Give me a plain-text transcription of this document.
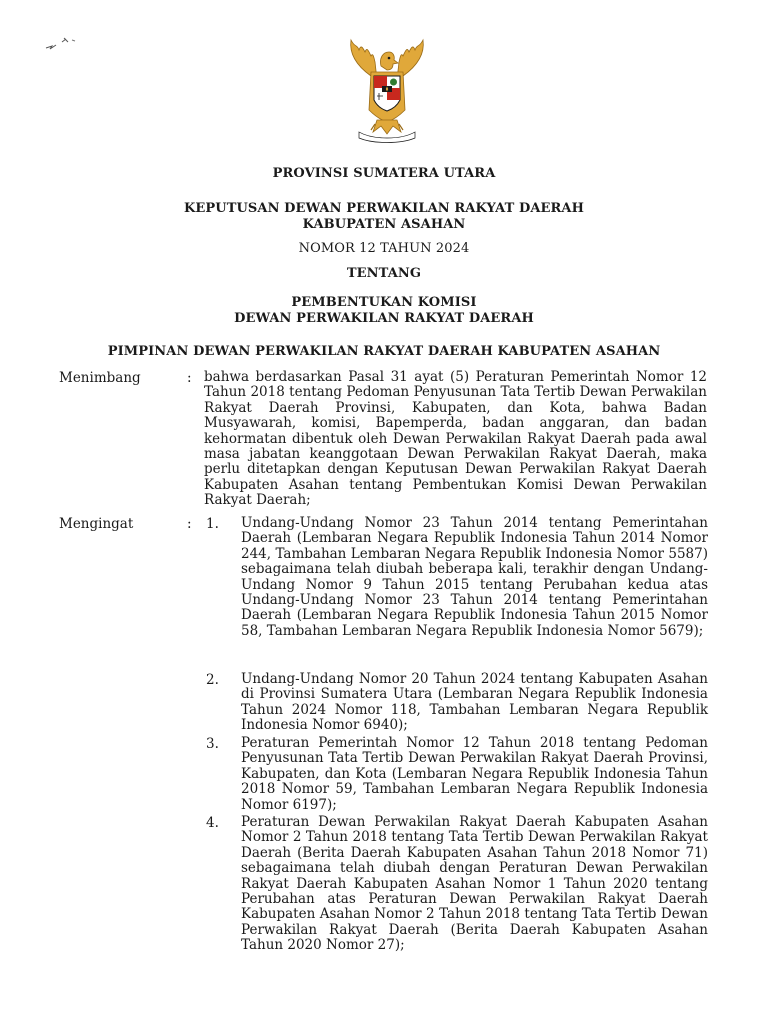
PROVINSI SUMATERA UTARA
KEPUTUSAN DEWAN PERWAKILAN RAKYAT DAERAH
KABUPATEN ASAHAN
NOMOR 12 TAHUN 2024
TENTANG
PEMBENTUKAN KOMISI
DEWAN PERWAKILAN RAKYAT DAERAH
PIMPINAN DEWAN PERWAKILAN RAKYAT DAERAH KABUPATEN ASAHAN
Menimbang	: bahwa berdasarkan Pasal 31 ayat (5) Peraturan Pemerintah Nomor 12 Tahun 2018 tentang Pedoman Penyusunan Tata Tertib Dewan Perwakilan Rakyat Daerah Provinsi, Kabupaten, dan Kota, bahwa Badan Musyawarah, komisi, Bapemperda, badan anggaran, dan badan kehormatan dibentuk oleh Dewan Perwakilan Rakyat Daerah pada awal masa jabatan keanggotaan Dewan Perwakilan Rakyat Daerah, maka perlu ditetapkan dengan Keputusan Dewan Perwakilan Rakyat Daerah Kabupaten Asahan tentang Pembentukan Komisi Dewan Perwakilan Rakyat Daerah;
Mengingat	: 1. Undang-Undang Nomor 23 Tahun 2014 tentang Pemerintahan Daerah (Lembaran Negara Republik Indonesia Tahun 2014 Nomor 244, Tambahan Lembaran Negara Republik Indonesia Nomor 5587) sebagaimana telah diubah beberapa kali, terakhir dengan Undang-Undang Nomor 9 Tahun 2015 tentang Perubahan kedua atas Undang-Undang Nomor 23 Tahun 2014 tentang Pemerintahan Daerah (Lembaran Negara Republik Indonesia Tahun 2015 Nomor 58, Tambahan Lembaran Negara Republik Indonesia Nomor 5679);
2. Undang-Undang Nomor 20 Tahun 2024 tentang Kabupaten Asahan di Provinsi Sumatera Utara (Lembaran Negara Republik Indonesia Tahun 2024 Nomor 118, Tambahan Lembaran Negara Republik Indonesia Nomor 6940);
3. Peraturan Pemerintah Nomor 12 Tahun 2018 tentang Pedoman Penyusunan Tata Tertib Dewan Perwakilan Rakyat Daerah Provinsi, Kabupaten, dan Kota (Lembaran Negara Republik Indonesia Tahun 2018 Nomor 59, Tambahan Lembaran Negara Republik Indonesia Nomor 6197);
4. Peraturan Dewan Perwakilan Rakyat Daerah Kabupaten Asahan Nomor 2 Tahun 2018 tentang Tata Tertib Dewan Perwakilan Rakyat Daerah (Berita Daerah Kabupaten Asahan Tahun 2018 Nomor 71) sebagaimana telah diubah dengan Peraturan Dewan Perwakilan Rakyat Daerah Kabupaten Asahan Nomor 1 Tahun 2020 tentang Perubahan atas Peraturan Dewan Perwakilan Rakyat Daerah Kabupaten Asahan Nomor 2 Tahun 2018 tentang Tata Tertib Dewan Perwakilan Rakyat Daerah (Berita Daerah Kabupaten Asahan Tahun 2020 Nomor 27);
